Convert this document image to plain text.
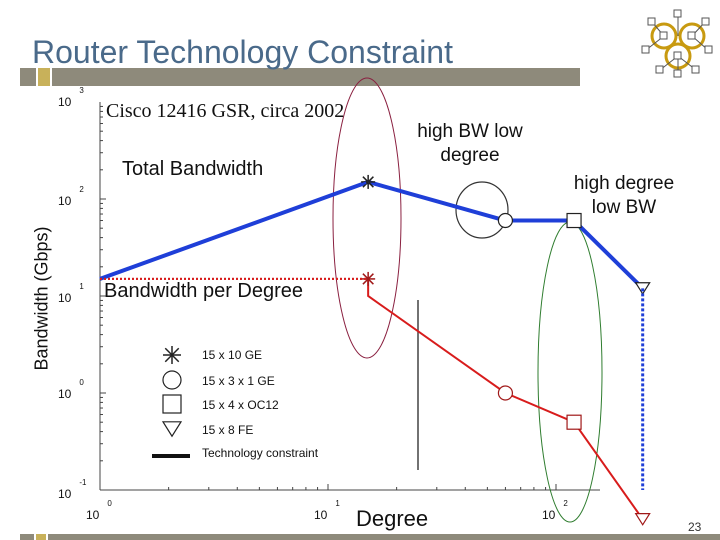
Router Technology Constraint
Cisco 12416 GSR, circa 2002
Bandwidth (Gbps)
Degree
Total Bandwidth
Bandwidth per Degree
high BW low degree
high degree low BW
$10^3$
$10^2$
$10^1$
$10^0$
$10^{-1}$
$10^0$
$10^1$
$10^2$
15 x 10 GE
15 x 3 x 1 GE
15 x 4 x OC12
15 x 8 FE
Technology constraint
23
